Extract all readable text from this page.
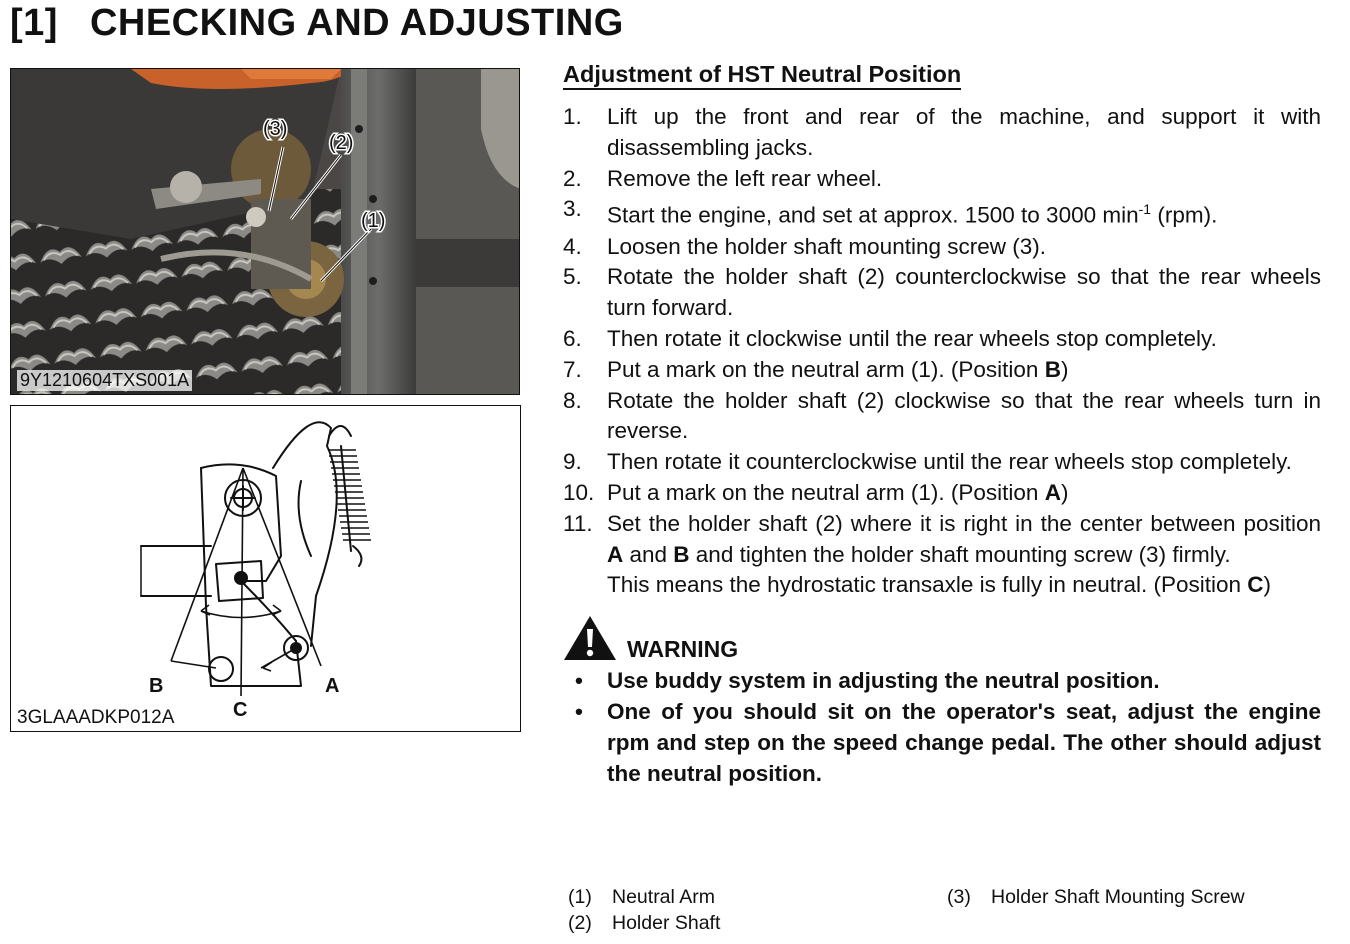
[1] CHECKING AND ADJUSTING
(3)
(2)
(1)
9Y1210604TXS001A
B
C
A
3GLAAADKP012A
Adjustment of HST Neutral Position
1.	Lift up the front and rear of the machine, and support it with disassembling jacks.
2.	Remove the left rear wheel.
3.	Start the engine, and set at approx. 1500 to 3000 $\min^{-1} (rpm)$.
4.	Loosen the holder shaft mounting screw (3).
5.	Rotate the holder shaft (2) counterclockwise so that the rear wheels turn forward.
6.	Then rotate it clockwise until the rear wheels stop completely.
7.	Put a mark on the neutral arm (1). (Position B)
8.	Rotate the holder shaft (2) clockwise so that the rear wheels turn in reverse.
9.	Then rotate it counterclockwise until the rear wheels stop completely.
10. Put a mark on the neutral arm (1). (Position A)
11. Set the holder shaft (2) where it is right in the center between position A and B and tighten the holder shaft mounting screw (3) firmly.
This means the hydrostatic transaxle is fully in neutral. (Position C)
WARNING
•	Use buddy system in adjusting the neutral position.
•	One of you should sit on the operator's seat, adjust the engine rpm and step on the speed change pedal. The other should adjust the neutral position.
(1) Neutral Arm
(2) Holder Shaft
(3) Holder Shaft Mounting Screw
